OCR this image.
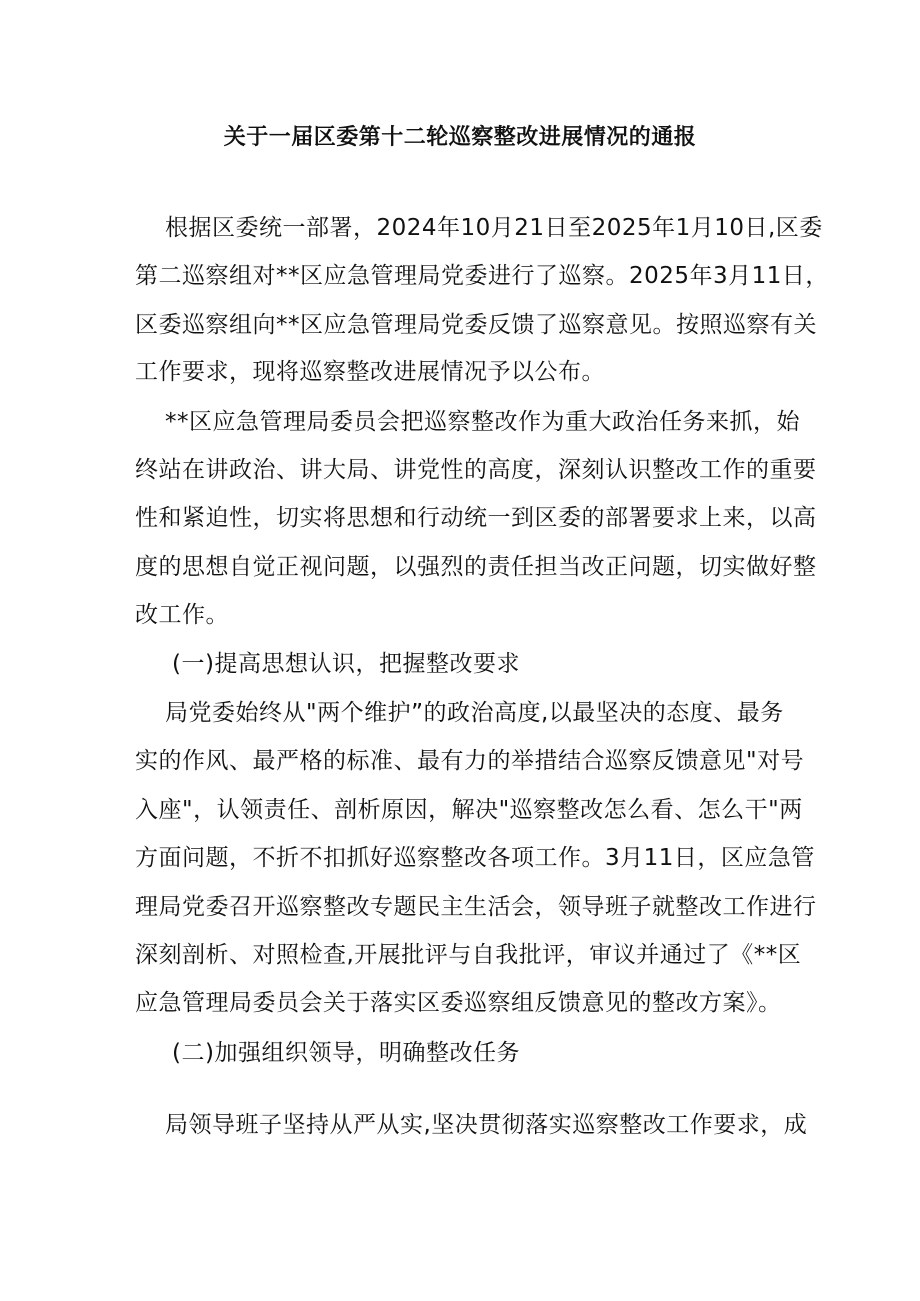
关于一届区委第十二轮巡察整改进展情况的通报
根据区委统一部署，2024年10月21日至2025年1月10日,区委
第二巡察组对**区应急管理局党委进行了巡察。2025年3月11日，
区委巡察组向**区应急管理局党委反馈了巡察意见。按照巡察有关
工作要求，现将巡察整改进展情况予以公布。
**区应急管理局委员会把巡察整改作为重大政治任务来抓，始
终站在讲政治、讲大局、讲党性的高度，深刻认识整改工作的重要
性和紧迫性，切实将思想和行动统一到区委的部署要求上来，以高
度的思想自觉正视问题，以强烈的责任担当改正问题，切实做好整
改工作。
(一)提高思想认识，把握整改要求
局党委始终从"两个维护”的政治高度,以最坚决的态度、最务
实的作风、最严格的标准、最有力的举措结合巡察反馈意见"对号
入座"，认领责任、剖析原因，解决"巡察整改怎么看、怎么干"两
方面问题，不折不扣抓好巡察整改各项工作。3月11日，区应急管
理局党委召开巡察整改专题民主生活会，领导班子就整改工作进行
深刻剖析、对照检查,开展批评与自我批评，审议并通过了《**区
应急管理局委员会关于落实区委巡察组反馈意见的整改方案》。
(二)加强组织领导，明确整改任务
局领导班子坚持从严从实,坚决贯彻落实巡察整改工作要求，成
